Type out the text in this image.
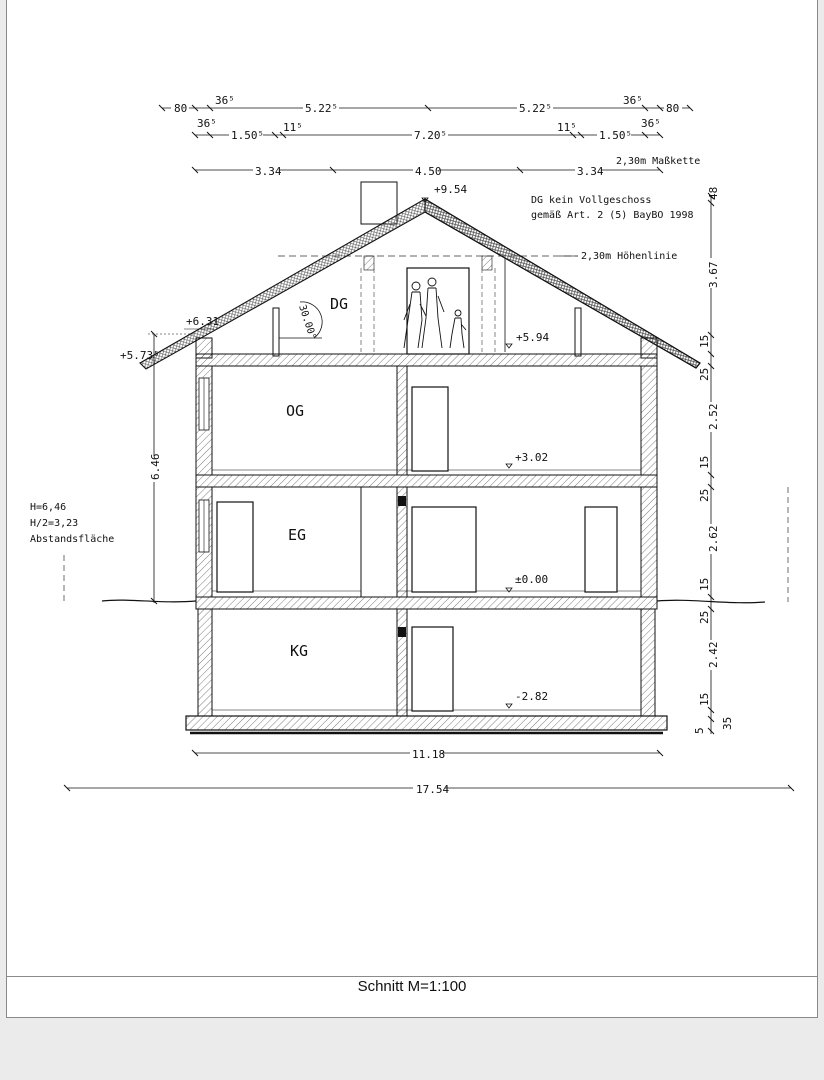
80
36⁵
5.22⁵	5.22⁵
36⁵
80
36⁵
1.50⁵
11⁵
7.20⁵
11⁵
1.50⁵
36⁵
3.34	4.50	3.34
2,30m Maßkette
DG kein Vollgeschoss
gemäß Art. 2 (5) BayBO 1998
2,30m Höhenlinie
H=6,46
H/2=3,23
Abstandsfläche
30.00° DG
+5.94
OG
EG
KG
+3.02
±0.00
-2.82
+9.54
+6.31
+5.73⁵
6.46
48
3.67
15
25
2.52
15
25
2.62
15
25
2.42
15
5
35
11.18
17.54
Schnitt M=1:100
